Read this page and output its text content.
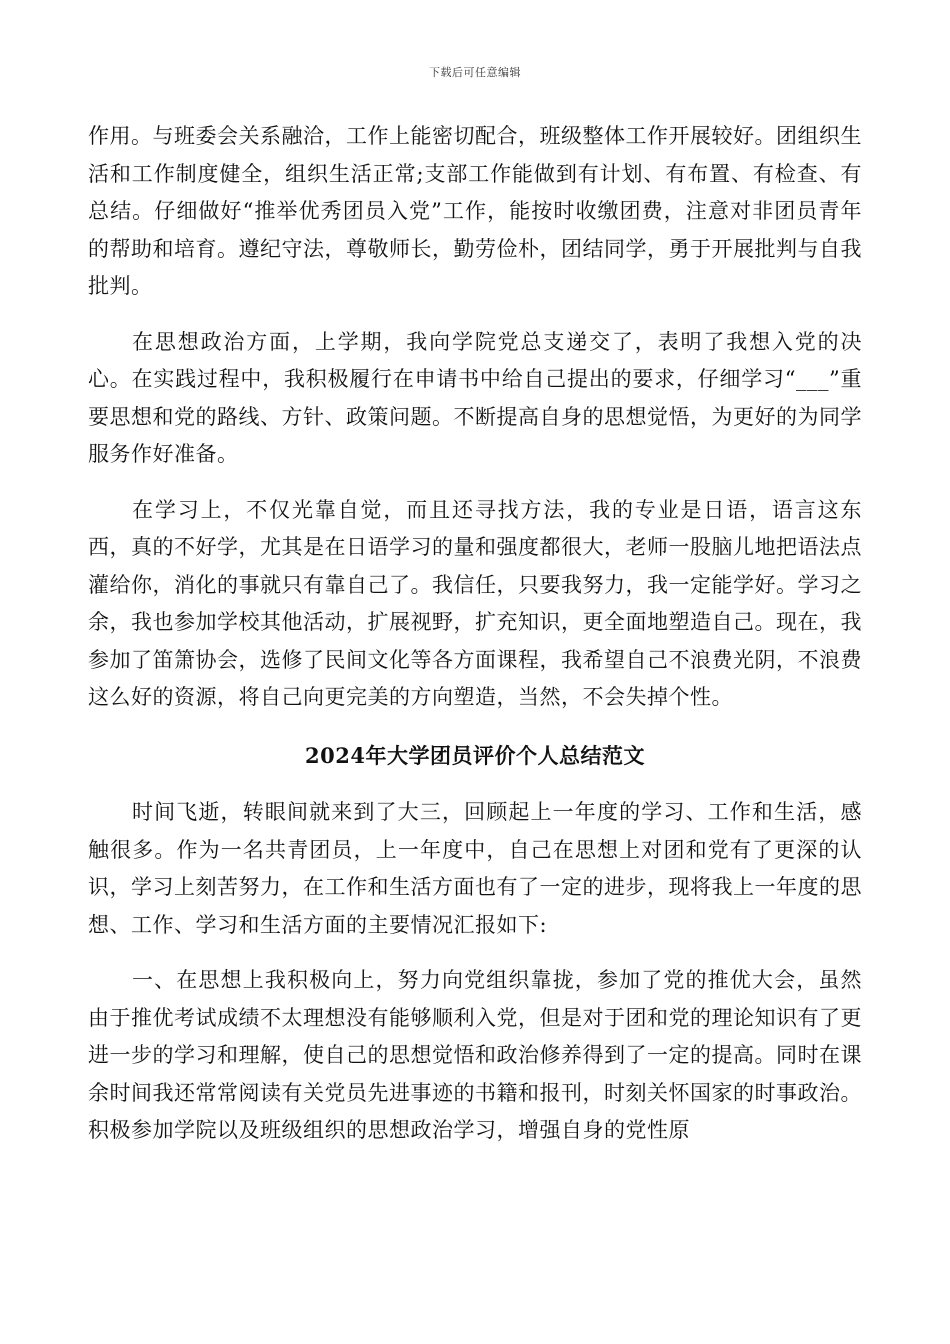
下载后可任意编辑

作用。与班委会关系融洽，工作上能密切配合，班级整体工作开展较好。团组织生活和工作制度健全，组织生活正常;支部工作能做到有计划、有布置、有检查、有总结。仔细做好“推举优秀团员入党”工作，能按时收缴团费，注意对非团员青年的帮助和培育。遵纪守法，尊敬师长，勤劳俭朴，团结同学，勇于开展批判与自我批判。

在思想政治方面，上学期，我向学院党总支递交了，表明了我想入党的决心。在实践过程中，我积极履行在申请书中给自己提出的要求，仔细学习“___”重要思想和党的路线、方针、政策问题。不断提高自身的思想觉悟，为更好的为同学服务作好准备。

在学习上，不仅光靠自觉，而且还寻找方法，我的专业是日语，语言这东西，真的不好学，尤其是在日语学习的量和强度都很大，老师一股脑儿地把语法点灌给你，消化的事就只有靠自己了。我信任，只要我努力，我一定能学好。学习之余，我也参加学校其他活动，扩展视野，扩充知识，更全面地塑造自己。现在，我参加了笛箫协会，选修了民间文化等各方面课程，我希望自己不浪费光阴，不浪费这么好的资源，将自己向更完美的方向塑造，当然，不会失掉个性。

2024年大学团员评价个人总结范文

时间飞逝，转眼间就来到了大三，回顾起上一年度的学习、工作和生活，感触很多。作为一名共青团员，上一年度中，自己在思想上对团和党有了更深的认识，学习上刻苦努力，在工作和生活方面也有了一定的进步，现将我上一年度的思想、工作、学习和生活方面的主要情况汇报如下:

一、在思想上我积极向上，努力向党组织靠拢，参加了党的推优大会，虽然由于推优考试成绩不太理想没有能够顺利入党，但是对于团和党的理论知识有了更进一步的学习和理解，使自己的思想觉悟和政治修养得到了一定的提高。同时在课余时间我还常常阅读有关党员先进事迹的书籍和报刊，时刻关怀国家的时事政治。积极参加学院以及班级组织的思想政治学习，增强自身的党性原
